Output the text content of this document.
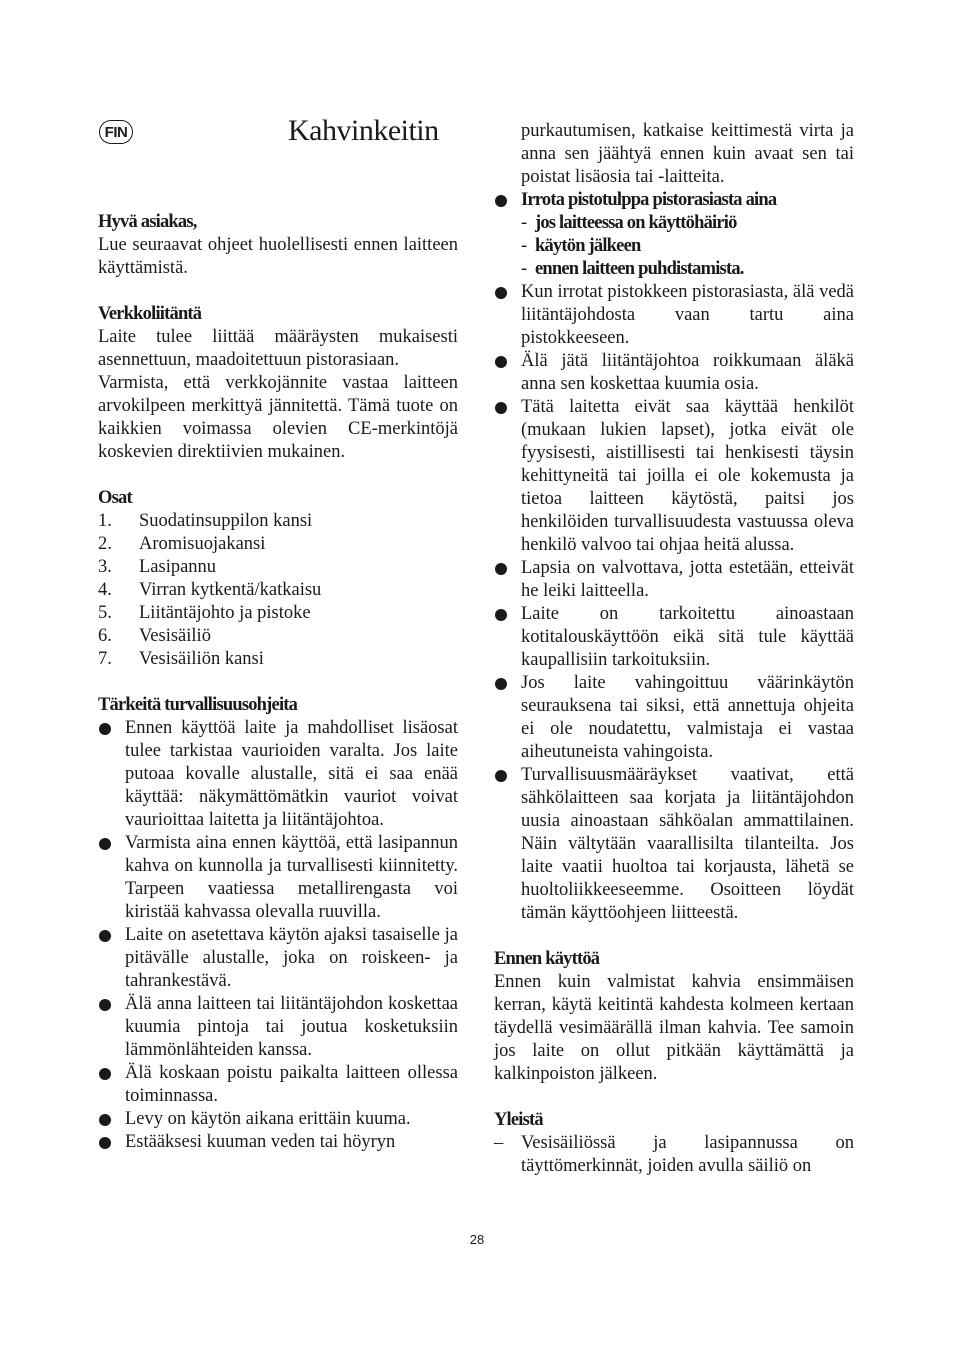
FIN	Kahvinkeitin

Hyvä asiakas,

Lue seuraavat ohjeet huolellisesti ennen laitteen käyttämistä.

Verkkoliitäntä

Laite tulee liittää määräysten mukaisesti asennettuun, maadoitettuun pistorasiaan.

Varmista, että verkkojännite vastaa laitteen arvokilpeen merkittyä jännitettä. Tämä tuote on kaikkien voimassa olevien CE-merkintöjä koskevien direktiivien mukainen.

Osat

1.	Suodatinsuppilon kansi
2.	Aromisuojakansi
3.	Lasipannu
4.	Virran kytkentä/katkaisu
5.	Liitäntäjohto ja pistoke
6.	Vesisäiliö
7.	Vesisäiliön kansi

Tärkeitä turvallisuusohjeita

Ennen käyttöä laite ja mahdolliset lisäosat tulee tarkistaa vaurioiden varalta. Jos laite putoaa kovalle alustalle, sitä ei saa enää käyttää: näkymättömätkin vauriot voivat vaurioittaa laitetta ja liitäntäjohtoa.
Varmista aina ennen käyttöä, että lasipannun kahva on kunnolla ja turvallisesti kiinnitetty. Tarpeen vaatiessa metallirengasta voi kiristää kahvassa olevalla ruuvilla.
Laite on asetettava käytön ajaksi tasaiselle ja pitävälle alustalle, joka on roiskeen- ja tahrankestävä.
Älä anna laitteen tai liitäntäjohdon koskettaa kuumia pintoja tai joutua kosketuksiin lämmönlähteiden kanssa.
Älä koskaan poistu paikalta laitteen ollessa toiminnassa.
Levy on käytön aikana erittäin kuuma.
Estääksesi kuuman veden tai höyryn
purkautumisen, katkaise keittimestä virta ja anna sen jäähtyä ennen kuin avaat sen tai poistat lisäosia tai -laitteita.
Irrota pistotulppa pistorasiasta aina
- jos laitteessa on käyttöhäiriö
- käytön jälkeen
- ennen laitteen puhdistamista.
Kun irrotat pistokkeen pistorasiasta, älä vedä liitäntäjohdosta vaan tartu aina pistokkeeseen.
Älä jätä liitäntäjohtoa roikkumaan äläkä anna sen koskettaa kuumia osia.
Tätä laitetta eivät saa käyttää henkilöt (mukaan lukien lapset), jotka eivät ole fyysisesti, aistillisesti tai henkisesti täysin kehittyneitä tai joilla ei ole kokemusta ja tietoa laitteen käytöstä, paitsi jos henkilöiden turvallisuudesta vastuussa oleva henkilö valvoo tai ohjaa heitä alussa.
Lapsia on valvottava, jotta estetään, etteivät he leiki laitteella.
Laite on tarkoitettu ainoastaan kotitalouskäyttöön eikä sitä tule käyttää kaupallisiin tarkoituksiin.
Jos laite vahingoittuu väärinkäytön seurauksena tai siksi, että annettuja ohjeita ei ole noudatettu, valmistaja ei vastaa aiheutuneista vahingoista.
Turvallisuusmääräykset vaativat, että sähkölaitteen saa korjata ja liitäntäjohdon uusia ainoastaan sähköalan ammattilainen. Näin vältytään vaarallisilta tilanteilta. Jos laite vaatii huoltoa tai korjausta, lähetä se huoltoliikkeeseemme. Osoitteen löydät tämän käyttöohjeen liitteestä.

Ennen käyttöä

Ennen kuin valmistat kahvia ensimmäisen kerran, käytä keitintä kahdesta kolmeen kertaan täydellä vesimäärällä ilman kahvia. Tee samoin jos laite on ollut pitkään käyttämättä ja kalkinpoiston jälkeen.

Yleistä

– Vesisäiliössä ja lasipannussa on täyttömerkinnät, joiden avulla säiliö on
28
